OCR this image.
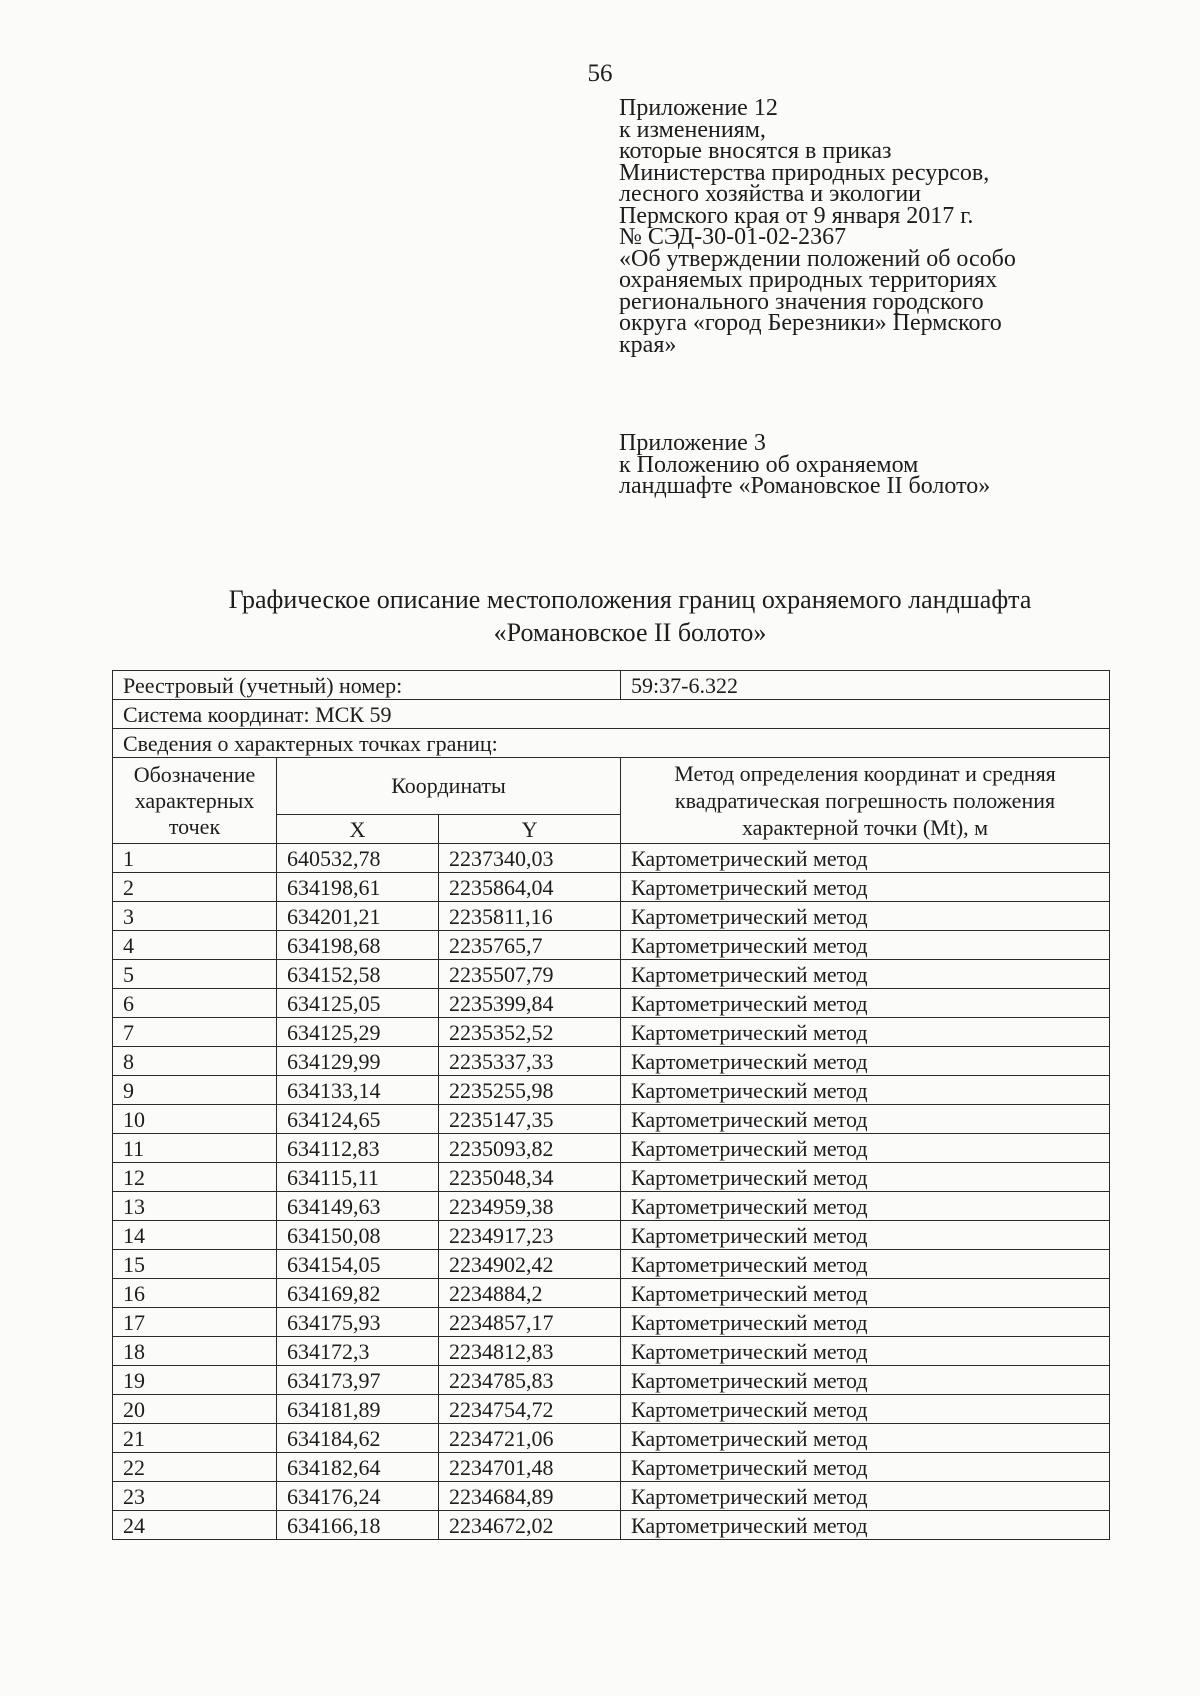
56
Приложение 12
к изменениям,
которые вносятся в приказ
Министерства природных ресурсов,
лесного хозяйства и экологии
Пермского края от 9 января 2017 г.
№ СЭД-30-01-02-2367
«Об утверждении положений об особо
охраняемых природных территориях
регионального значения городского
округа «город Березники» Пермского
края»
Приложение 3
к Положению об охраняемом
ландшафте «Романовское II болото»
Графическое описание местоположения границ охраняемого ландшафта
«Романовское II болото»
Реестровый (учетный) номер:			59:37-6.322
Система координат: МСК 59			
Сведения о характерных точках границ:			
Обозначение характерных точек	Координаты		Метод определения координат и средняя квадратическая погрешность положения характерной точки (Mt), м
	X	Y	
1	640532,78	2237340,03	Картометрический метод
2	634198,61	2235864,04	Картометрический метод
3	634201,21	2235811,16	Картометрический метод
4	634198,68	2235765,7	Картометрический метод
5	634152,58	2235507,79	Картометрический метод
6	634125,05	2235399,84	Картометрический метод
7	634125,29	2235352,52	Картометрический метод
8	634129,99	2235337,33	Картометрический метод
9	634133,14	2235255,98	Картометрический метод
10	634124,65	2235147,35	Картометрический метод
11	634112,83	2235093,82	Картометрический метод
12	634115,11	2235048,34	Картометрический метод
13	634149,63	2234959,38	Картометрический метод
14	634150,08	2234917,23	Картометрический метод
15	634154,05	2234902,42	Картометрический метод
16	634169,82	2234884,2	Картометрический метод
17	634175,93	2234857,17	Картометрический метод
18	634172,3	2234812,83	Картометрический метод
19	634173,97	2234785,83	Картометрический метод
20	634181,89	2234754,72	Картометрический метод
21	634184,62	2234721,06	Картометрический метод
22	634182,64	2234701,48	Картометрический метод
23	634176,24	2234684,89	Картометрический метод
24	634166,18	2234672,02	Картометрический метод
